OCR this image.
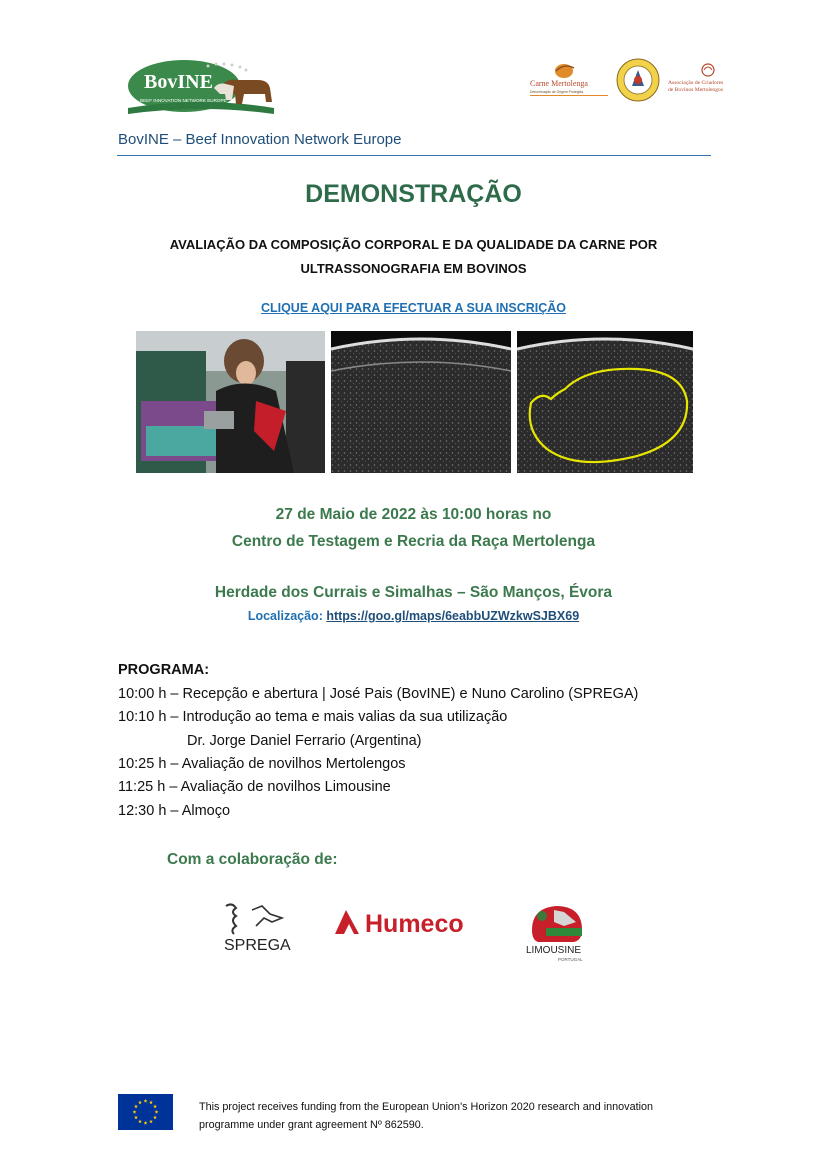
BovINE
BEEF INNOVATION NETWORK EUROPE
Carne Mertolenga
Denominação de Origem Protegida
Associação de Criadores
de Bovinos Mertolengos
BovINE – Beef Innovation Network Europe
DEMONSTRAÇÃO
AVALIAÇÃO DA COMPOSIÇÃO CORPORAL E DA QUALIDADE DA CARNE POR
ULTRASSONOGRAFIA EM BOVINOS
CLIQUE AQUI PARA EFECTUAR A SUA INSCRIÇÃO
27 de Maio de 2022 às 10:00 horas no
Centro de Testagem e Recria da Raça Mertolenga
Herdade dos Currais e Simalhas – São Manços, Évora
Localização: https://goo.gl/maps/6eabbUZWzkwSJBX69
PROGRAMA:
10:00 h – Recepção e abertura | José Pais (BovINE) e Nuno Carolino (SPREGA)
10:10 h – Introdução ao tema e mais valias da sua utilização
Dr. Jorge Daniel Ferrario (Argentina)
10:25 h – Avaliação de novilhos Mertolengos
11:25 h – Avaliação de novilhos Limousine
12:30 h – Almoço
Com a colaboração de:
SPREGA
Humeco
LIMOUSINE
PORTUGAL
This project receives funding from the European Union's Horizon 2020 research and innovation
programme under grant agreement Nº 862590.
